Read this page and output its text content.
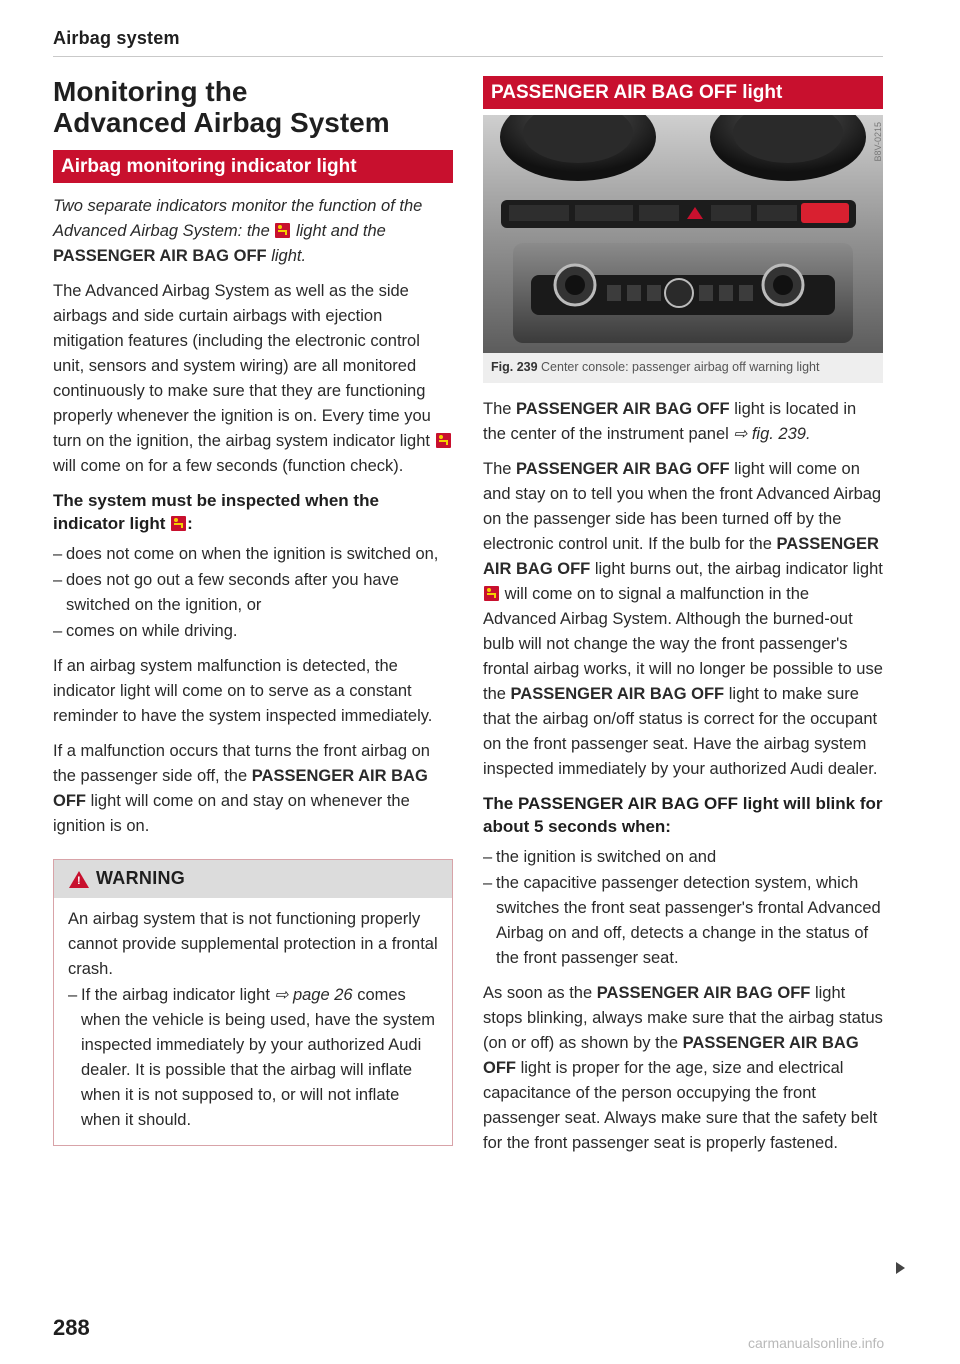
Airbag system
Monitoring the
Advanced Airbag System
Airbag monitoring indicator light

Two separate indicators monitor the function of the Advanced Airbag System: the light and the PASSENGER AIR BAG OFF light.

The Advanced Airbag System as well as the side airbags and side curtain airbags with ejection mitigation features (including the electronic control unit, sensors and system wiring) are all monitored continuously to make sure that they are functioning properly whenever the ignition is on. Every time you turn on the ignition, the airbag system indicator light  will come on for a few seconds (function check).

The system must be inspected when the indicator light :
– does not come on when the ignition is switched on,
– does not go out a few seconds after you have switched on the ignition, or
– comes on while driving.

If an airbag system malfunction is detected, the indicator light will come on to serve as a constant reminder to have the system inspected immediately.

If a malfunction occurs that turns the front airbag on the passenger side off, the PASSENGER AIR BAG OFF light will come on and stay on whenever the ignition is on.

! WARNING

An airbag system that is not functioning properly cannot provide supplemental protection in a frontal crash.

– If the airbag indicator light ⇨ page 26 comes when the vehicle is being used, have the system inspected immediately by your authorized Audi dealer. It is possible that the airbag will inflate when it is not supposed to, or will not inflate when it should.
PASSENGER AIR BAG OFF light
Fig. 239 Center console: passenger airbag off warning light

The PASSENGER AIR BAG OFF light is located in the center of the instrument panel ⇨ fig. 239.

The PASSENGER AIR BAG OFF light will come on and stay on to tell you when the front Advanced Airbag on the passenger side has been turned off by the electronic control unit. If the bulb for the PASSENGER AIR BAG OFF light burns out, the airbag indicator light  will come on to signal a malfunction in the Advanced Airbag System. Although the burned-out bulb will not change the way the front passenger's frontal airbag works, it will no longer be possible to use the PASSENGER AIR BAG OFF light to make sure that the airbag on/off status is correct for the occupant on the front passenger seat. Have the airbag system inspected immediately by your authorized Audi dealer.

The PASSENGER AIR BAG OFF light will blink for about 5 seconds when:
– the ignition is switched on and
– the capacitive passenger detection system, which switches the front seat passenger's frontal Advanced Airbag on and off, detects a change in the status of the front passenger seat.

As soon as the PASSENGER AIR BAG OFF light stops blinking, always make sure that the airbag status (on or off) as shown by the PASSENGER AIR BAG OFF light is proper for the age, size and electrical capacitance of the person occupying the front passenger seat. Always make sure that the safety belt for the front passenger seat is properly fastened.

B8V-0215
288
carmanualsonline.info
